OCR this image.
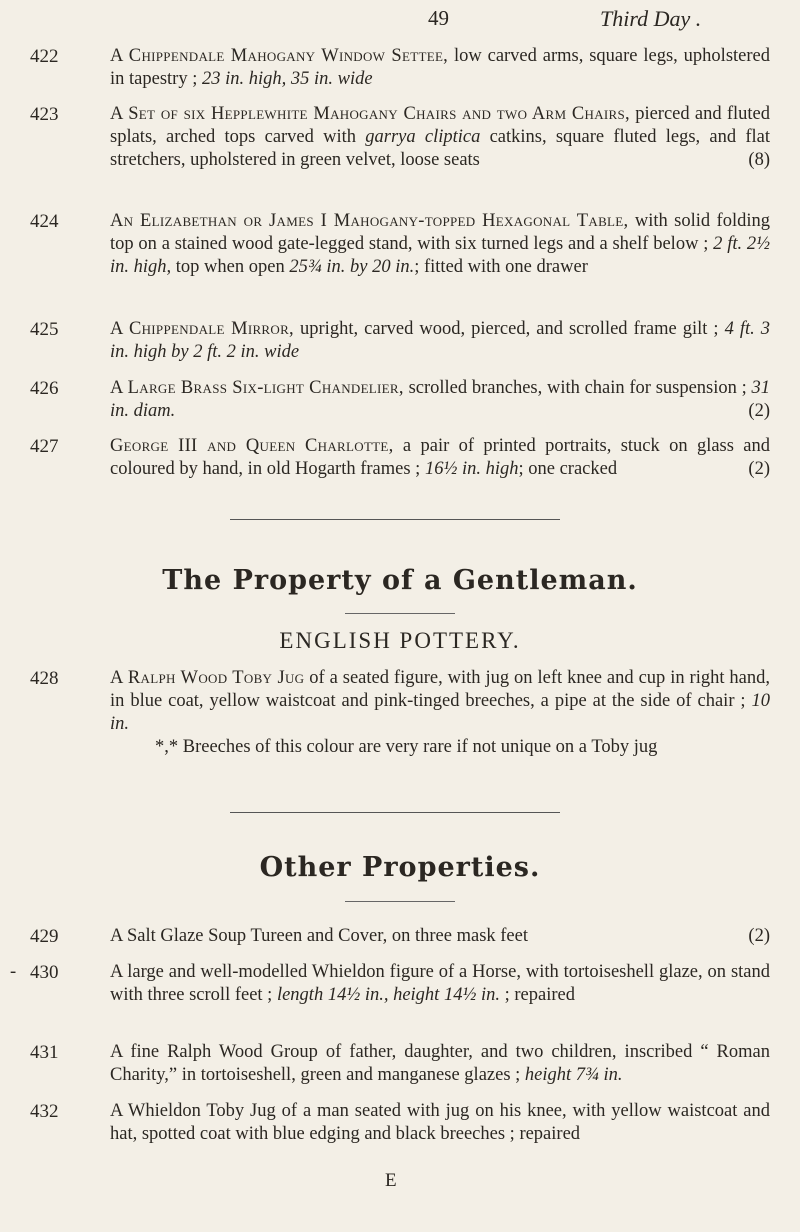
49	Third Day .
422	A Chippendale Mahogany Window Settee, low carved arms, square legs, upholstered in tapestry ; 23 in. high, 35 in. wide
423	A Set of six Hepplewhite Mahogany Chairs and two Arm Chairs, pierced and fluted splats, arched tops carved with garrya cliptica catkins, square fluted legs, and flat stretchers, upholstered in green velvet, loose seats	(8)
424	An Elizabethan or James I Mahogany-topped Hexagonal Table, with solid folding top on a stained wood gate-legged stand, with six turned legs and a shelf below ; 2 ft. 2½ in. high, top when open 25¾ in. by 20 in.; fitted with one drawer
425	A Chippendale Mirror, upright, carved wood, pierced, and scrolled frame gilt ; 4 ft. 3 in. high by 2 ft. 2 in. wide
426	A Large Brass Six-light Chandelier, scrolled branches, with chain for suspension ; 31 in. diam.	(2)
427	George III and Queen Charlotte, a pair of printed portraits, stuck on glass and coloured by hand, in old Hogarth frames ; 16½ in. high; one cracked	(2)
The Property of a Gentleman.
ENGLISH POTTERY.
428	A Ralph Wood Toby Jug of a seated figure, with jug on left knee and cup in right hand, in blue coat, yellow waistcoat and pink-tinged breeches, a pipe at the side of chair ; 10 in.
*,* Breeches of this colour are very rare if not unique on a Toby jug
Other Properties.
429	A Salt Glaze Soup Tureen and Cover, on three mask feet	(2)
- 430	A large and well-modelled Whieldon figure of a Horse, with tortoiseshell glaze, on stand with three scroll feet ; length 14½ in., height 14½ in. ; repaired
431	A fine Ralph Wood Group of father, daughter, and two children, inscribed “ Roman Charity,” in tortoiseshell, green and manganese glazes ; height 7¾ in.
432	A Whieldon Toby Jug of a man seated with jug on his knee, with yellow waistcoat and hat, spotted coat with blue edging and black breeches ; repaired
E
